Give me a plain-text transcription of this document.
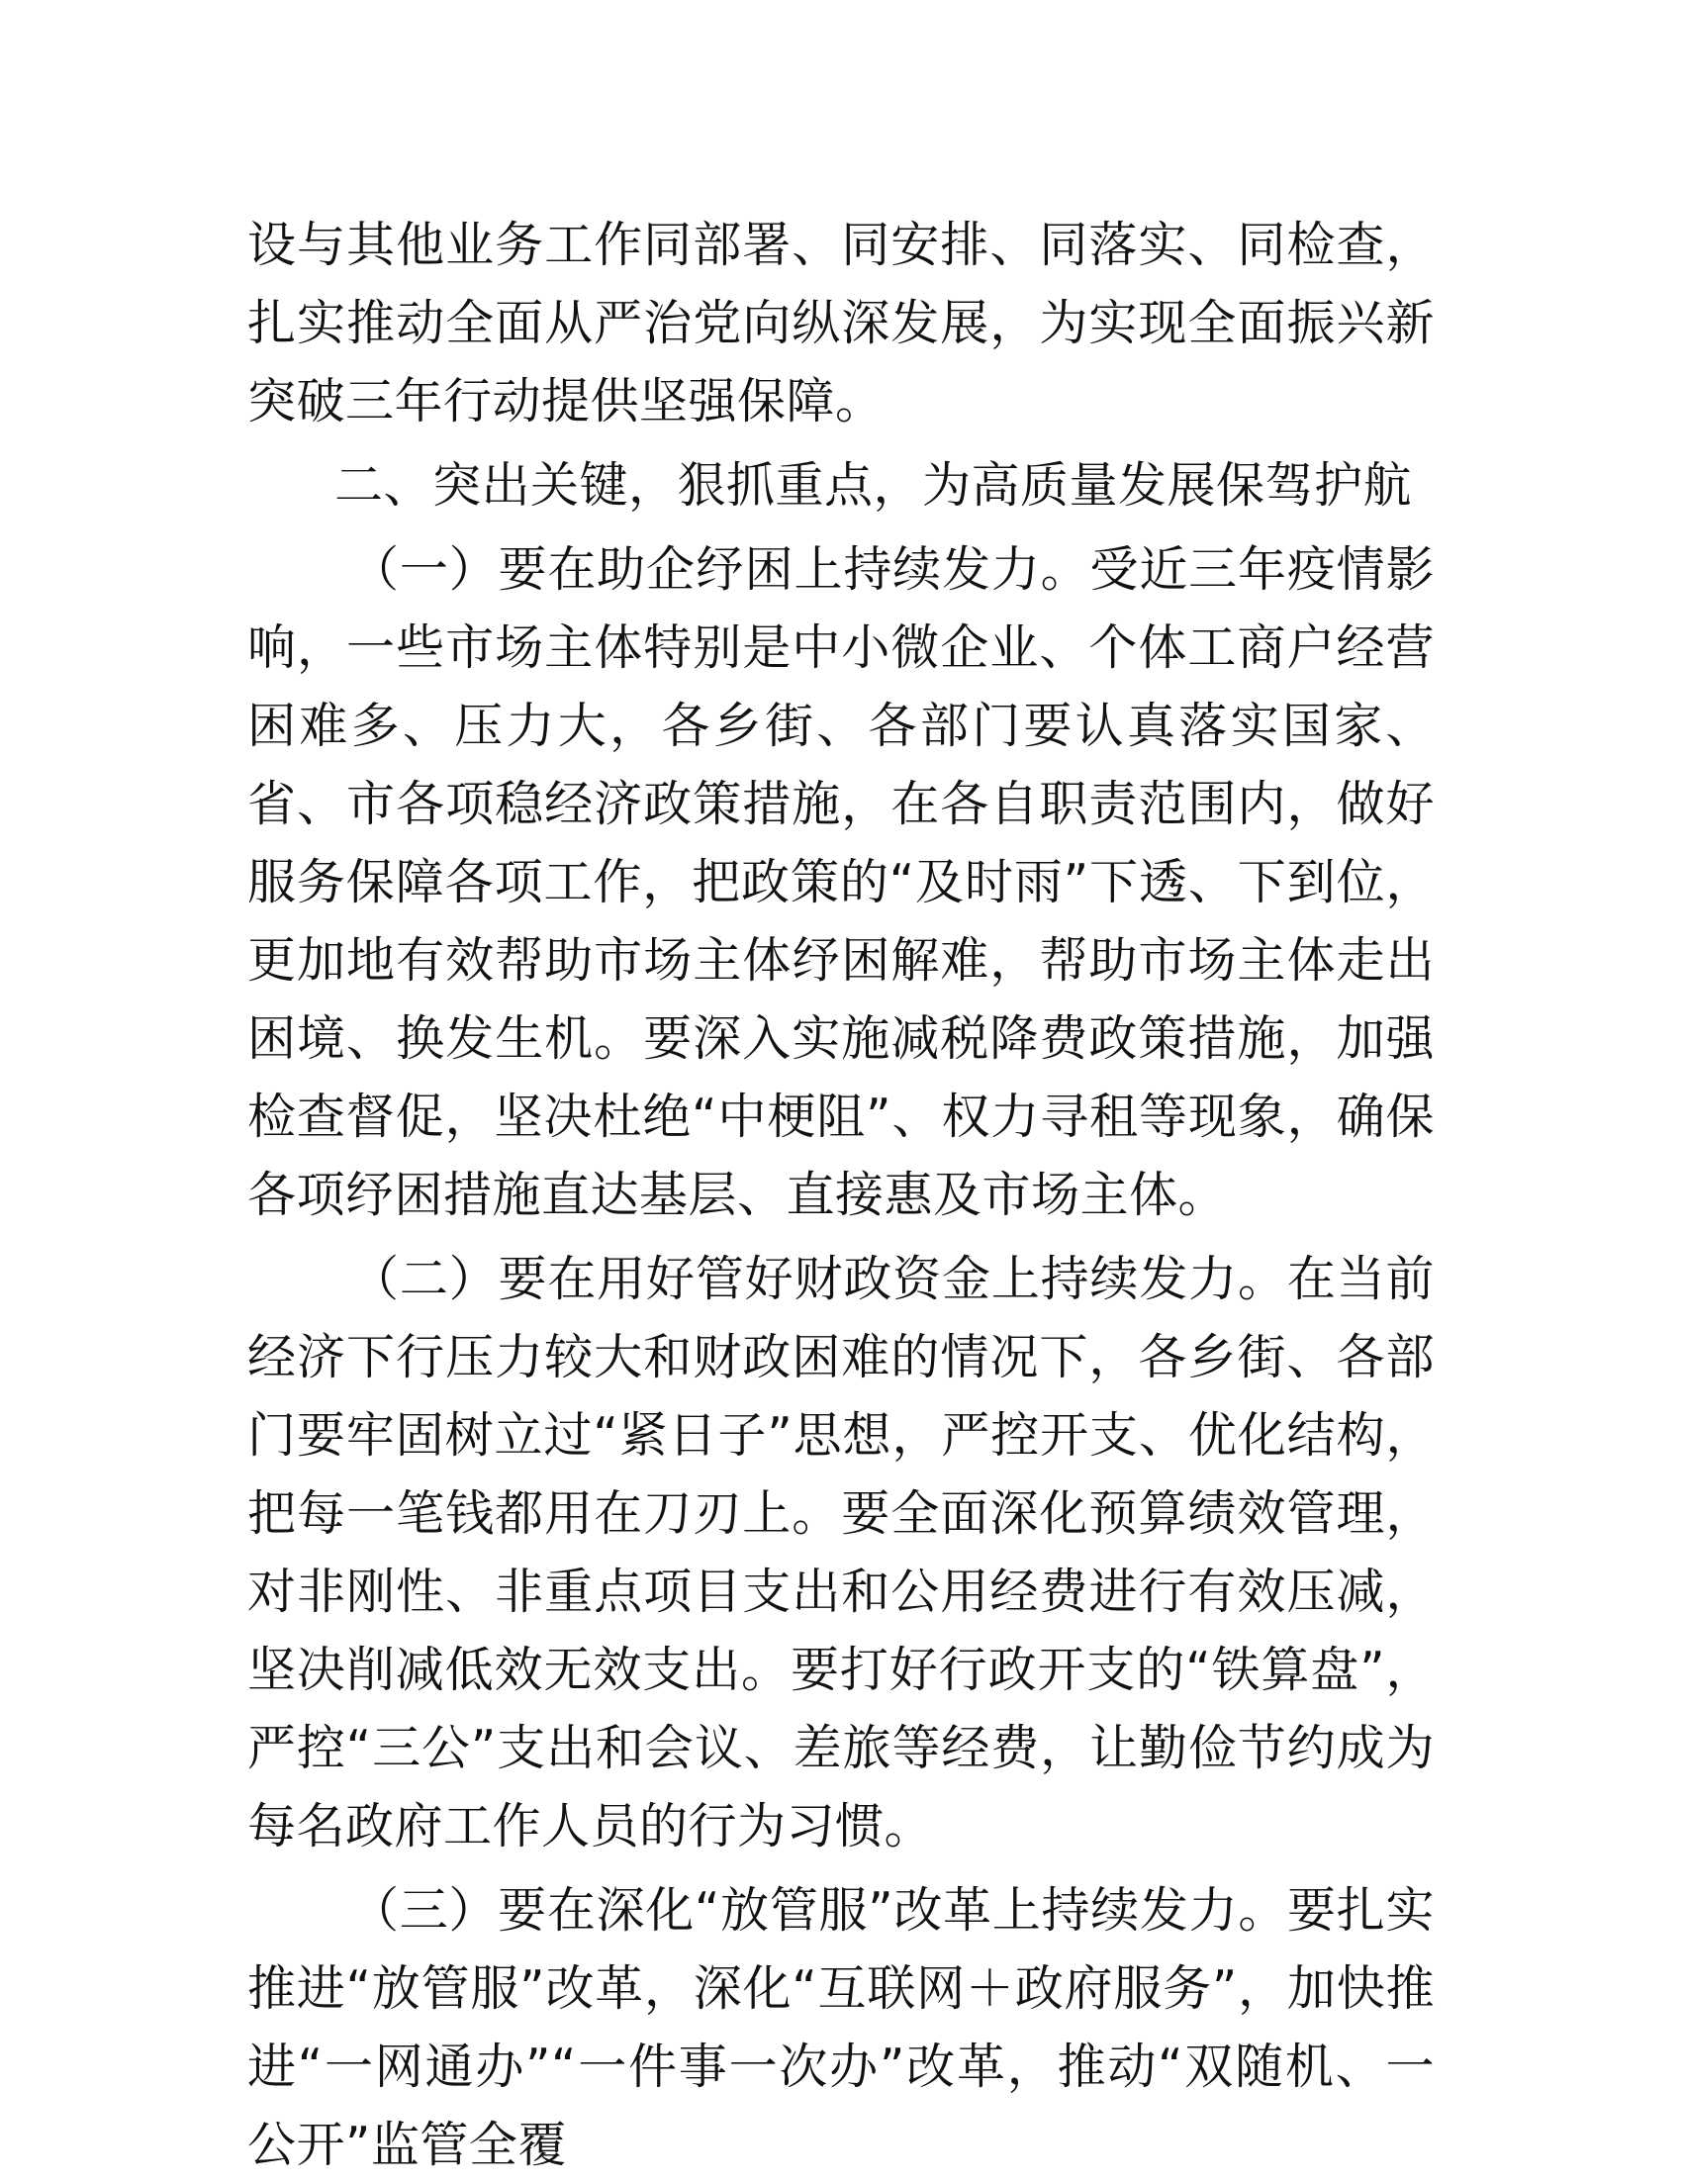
设与其他业务工作同部署、同安排、同落实、同检查，扎实推动全面从严治党向纵深发展，为实现全面振兴新突破三年行动提供坚强保障。

二、突出关键，狠抓重点，为高质量发展保驾护航

（一）要在助企纾困上持续发力。受近三年疫情影响，一些市场主体特别是中小微企业、个体工商户经营困难多、压力大，各乡街、各部门要认真落实国家、省、市各项稳经济政策措施，在各自职责范围内，做好服务保障各项工作，把政策的“及时雨”下透、下到位，更加地有效帮助市场主体纾困解难，帮助市场主体走出困境、换发生机。要深入实施减税降费政策措施，加强检查督促，坚决杜绝“中梗阻”、权力寻租等现象，确保各项纾困措施直达基层、直接惠及市场主体。

（二）要在用好管好财政资金上持续发力。在当前经济下行压力较大和财政困难的情况下，各乡街、各部门要牢固树立过“紧日子”思想，严控开支、优化结构，把每一笔钱都用在刀刃上。要全面深化预算绩效管理，对非刚性、非重点项目支出和公用经费进行有效压减，坚决削减低效无效支出。要打好行政开支的“铁算盘”，严控“三公”支出和会议、差旅等经费，让勤俭节约成为每名政府工作人员的行为习惯。

（三）要在深化“放管服”改革上持续发力。要扎实推进“放管服”改革，深化“互联网＋政府服务”，加快推进“一网通办”“一件事一次办”改革，推动“双随机、一公开”监管全覆
